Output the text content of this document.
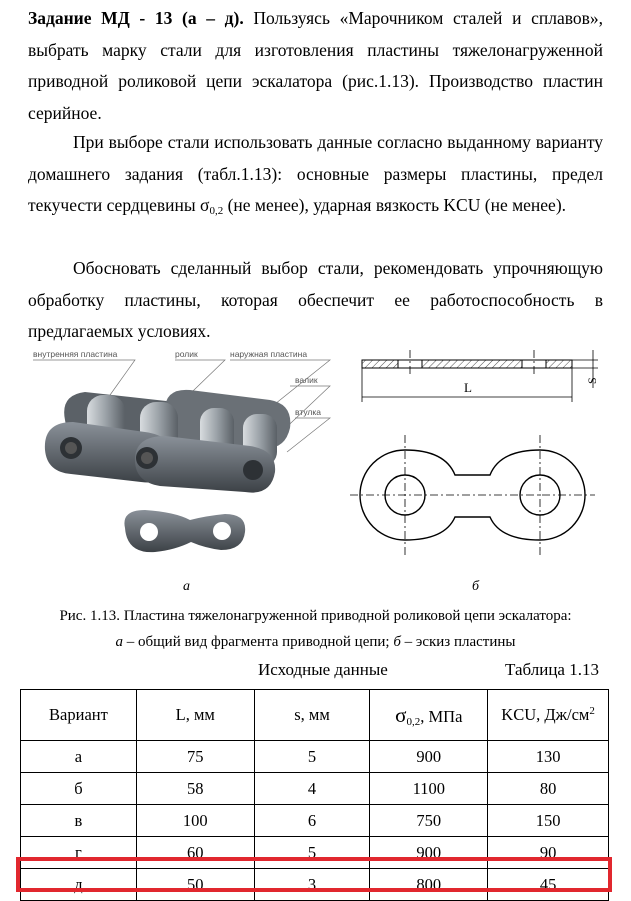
Задание МД - 13 (а – д). Пользуясь «Марочником сталей и сплавов», выбрать марку стали для изготовления пластины тяжелонагруженной приводной роликовой цепи эскалатора (рис.1.13). Производство пластин серийное.

При выборе стали использовать данные согласно выданному варианту домашнего задания (табл.1.13): основные размеры пластины, предел текучести сердцевины $\sigma_{0,2}$ (не менее), ударная вязкость KCU (не менее).

Обосновать сделанный выбор стали, рекомендовать упрочняющую обработку пластины, которая обеспечит ее работоспособность в предлагаемых условиях.

внутренняя пластина	ролик	наружная пластина
валик
втулка
а
L	S
б
Рис. 1.13. Пластина тяжелонагруженной приводной роликовой цепи эскалатора:
а – общий вид фрагмента приводной цепи; б – эскиз пластины
Исходные данные	Таблица 1.13
Вариант	L, мм	s, мм	$\sigma_{0,2}$, МПа	KCU, $Дж/см^2$
а	75	5	900	130
б	58	4	1100	80
в	100	6	750	150
г	60	5	900	90
д	50	3	800	45
